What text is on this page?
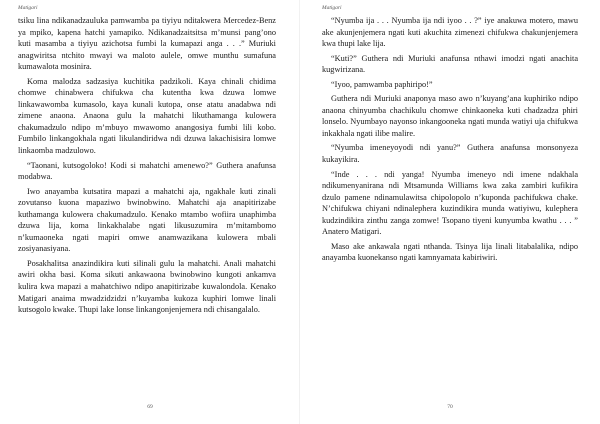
Matigari

tsiku lina ndikanadzauluka pamwamba pa tiyiyu nditakwera Mercedez-Benz ya mpiko, kapena hatchi yamapiko. Ndikanadzaitsitsa m’munsi pang’ono kuti masamba a tiyiyu azichotsa fumbi la kumapazi anga . . .” Muriuki anagwiritsa ntchito mwayi wa maloto aulele, omwe munthu sumafuna kumawalota mosinira.

Koma malodza sadzasiya kuchitika padzikoli. Kaya chinali chidima chomwe chinabwera chifukwa cha kutentha kwa dzuwa lomwe linkawawomba kumasolo, kaya kunali kutopa, onse atatu anadabwa ndi zimene anaona. Anaona gulu la mahatchi likuthamanga kulowera chakumadzulo ndipo m’mbuyo mwawomo anangosiya fumbi lili kobo. Fumbilo linkangokhala ngati likulandiridwa ndi dzuwa lakachisisira lomwe linkaomba madzulowo.

“Taonani, kutsogoloko! Kodi si mahatchi amenewo?” Guthera anafunsa modabwa.

Iwo anayamba kutsatira mapazi a mahatchi aja, ngakhale kuti zinali zovutanso kuona mapaziwo bwinobwino. Mahatchi aja anapitirizabe kuthamanga kulowera chakumadzulo. Kenako mtambo wofiira unaphimba dzuwa lija, koma linkakhalabe ngati likusuzumira m’mitambomo n’kumaoneka ngati mapiri omwe anamwazikana kulowera mbali zosiyanasiyana.

Posakhalitsa anazindikira kuti silinali gulu la mahatchi. Anali mahatchi awiri okha basi. Koma sikuti ankawaona bwinobwino kungoti ankamva kulira kwa mapazi a mahatchiwo ndipo anapitirizabe kuwalondola. Kenako Matigari anaima mwadzidzidzi n’kuyamba kukoza kuphiri lomwe linali kutsogolo kwake. Thupi lake lonse linkangonjenjemera ndi chisangalalo.

69
Matigari

“Nyumba ija . . . Nyumba ija ndi iyoo . . ?” iye anakuwa moterο, mawu ake akunjenjemera ngati kuti akuchita zimenezi chifukwa chakunjenjemera kwa thupi lake lija.

“Kuti?” Guthera ndi Muriuki anafunsa nthawi imodzi ngati anachita kugwirizana.

“Iyoo, pamwamba paphiripo!”

Guthera ndi Muriuki anaponya maso awo n’kuyang’ana kuphiriko ndipo anaona chinyumba chachikulu chomwe chinkaoneka kuti chadzadza phiri lonselo. Nyumbayo nayonso inkangooneka ngati munda watiyi uja chifukwa inkakhala ngati ilibe malire.

“Nyumba imeneyoyodi ndi yanu?” Guthera anafunsa monsonyeza kukayikira.

“Inde . . . ndi yanga! Nyumba imeneyo ndi imene ndakhala ndikumenyanirana ndi Mtsamunda Williams kwa zaka zambiri kufikira dzulo pamene ndinamulawitsa chipolopolo n’kuponda pachifukwa chake. N’chifukwa chiyani ndinalephera kuzindikira munda watiyiwu, kulephera kudzindikira zinthu zanga zomwe! Tsopano tiyeni kunyumba kwathu . . . ” Anatero Matigari.

Maso ake ankawala ngati nthanda. Tsinya lija linali litabalalika, ndipo anayamba kuonekanso ngati kamnyamata kabiriwiri.

70
